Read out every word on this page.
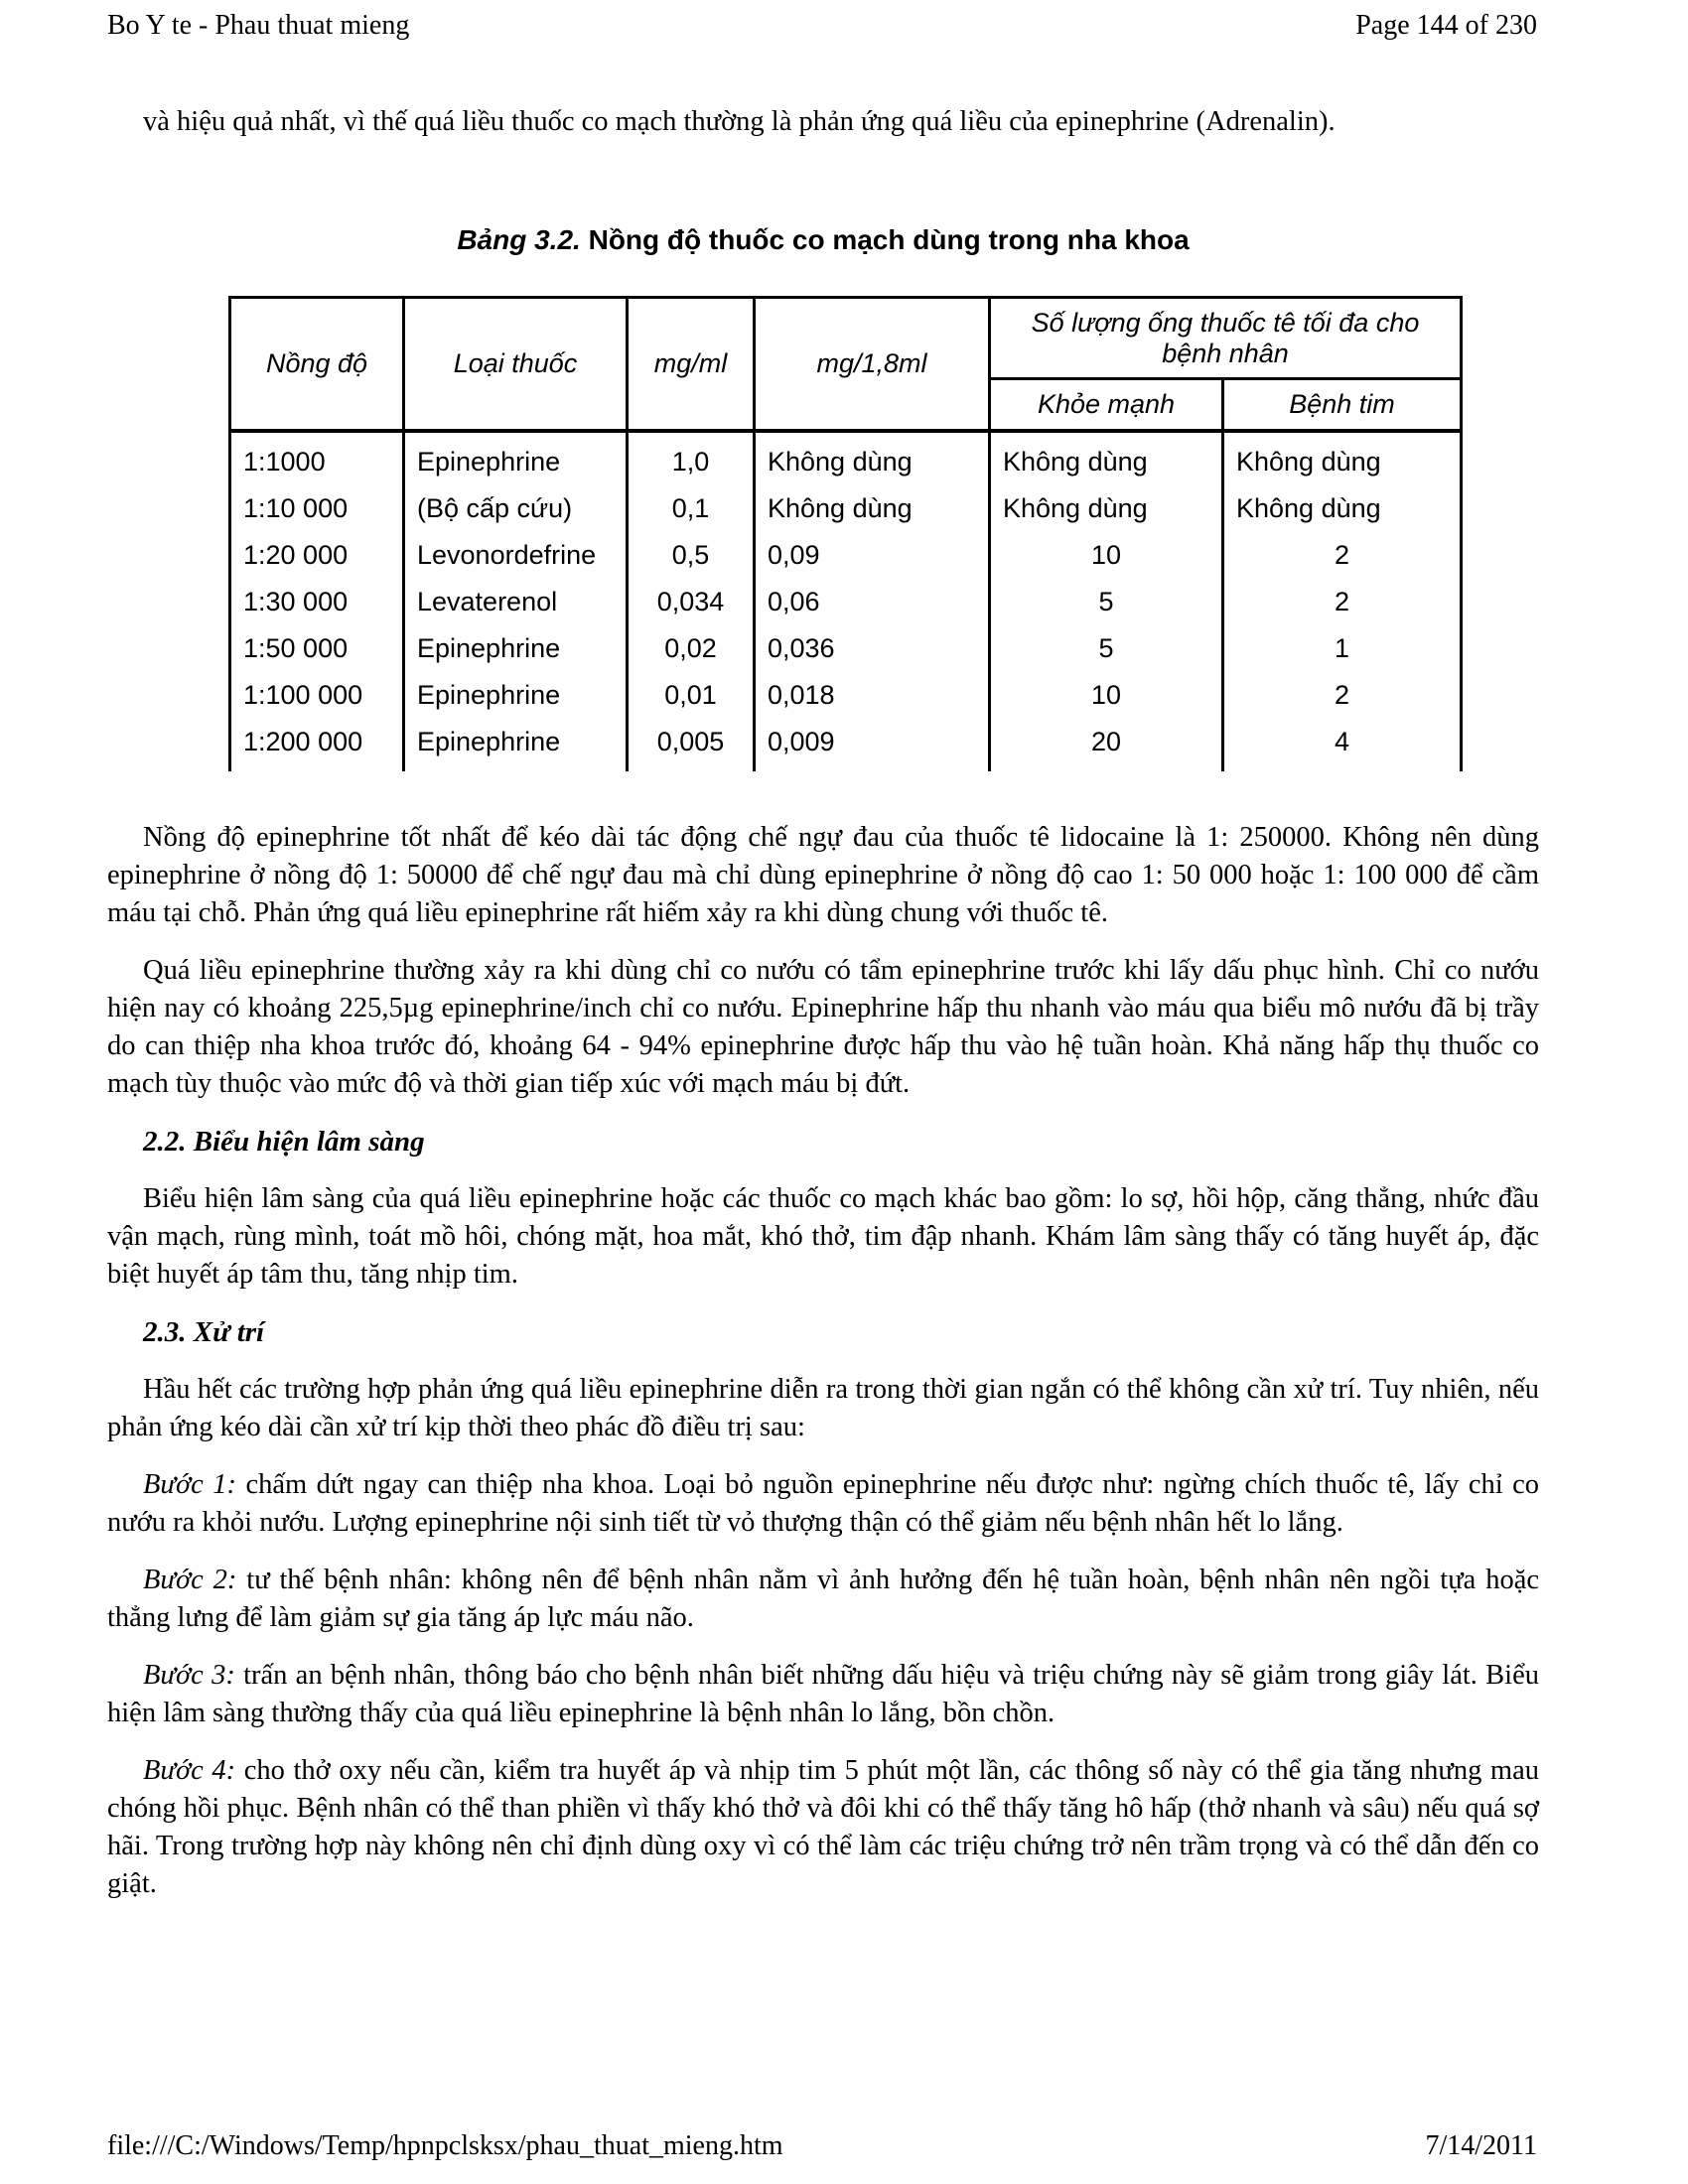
Bo Y te - Phau thuat mieng	Page 144 of 230

và hiệu quả nhất, vì thế quá liều thuốc co mạch thường là phản ứng quá liều của epinephrine (Adrenalin).

Bảng 3.2. Nồng độ thuốc co mạch dùng trong nha khoa

Nồng độ	Loại thuốc	mg/ml	mg/1,8ml	Số lượng ống thuốc tê tối đa cho bệnh nhân	
				Khỏe mạnh	Bệnh tim
1:1000	Epinephrine	1,0	Không dùng	Không dùng	Không dùng
1:10 000	(Bộ cấp cứu)	0,1	Không dùng	Không dùng	Không dùng
1:20 000	Levonordefrine	0,5	0,09	10	2
1:30 000	Levaterenol	0,034	0,06	5	2
1:50 000	Epinephrine	0,02	0,036	5	1
1:100 000	Epinephrine	0,01	0,018	10	2
1:200 000	Epinephrine	0,005	0,009	20	4

Nồng độ epinephrine tốt nhất để kéo dài tác động chế ngự đau của thuốc tê lidocaine là 1: 250000. Không nên dùng epinephrine ở nồng độ 1: 50000 để chế ngự đau mà chỉ dùng epinephrine ở nồng độ cao 1: 50 000 hoặc 1: 100 000 để cầm máu tại chỗ. Phản ứng quá liều epinephrine rất hiếm xảy ra khi dùng chung với thuốc tê.

Quá liều epinephrine thường xảy ra khi dùng chỉ co nướu có tẩm epinephrine trước khi lấy dấu phục hình. Chỉ co nướu hiện nay có khoảng 225,5µg epinephrine/inch chỉ co nướu. Epinephrine hấp thu nhanh vào máu qua biểu mô nướu đã bị trầy do can thiệp nha khoa trước đó, khoảng 64 - 94% epinephrine được hấp thu vào hệ tuần hoàn. Khả năng hấp thụ thuốc co mạch tùy thuộc vào mức độ và thời gian tiếp xúc với mạch máu bị đứt.

2.2. Biểu hiện lâm sàng

Biểu hiện lâm sàng của quá liều epinephrine hoặc các thuốc co mạch khác bao gồm: lo sợ, hồi hộp, căng thẳng, nhức đầu vận mạch, rùng mình, toát mồ hôi, chóng mặt, hoa mắt, khó thở, tim đập nhanh. Khám lâm sàng thấy có tăng huyết áp, đặc biệt huyết áp tâm thu, tăng nhịp tim.

2.3. Xử trí

Hầu hết các trường hợp phản ứng quá liều epinephrine diễn ra trong thời gian ngắn có thể không cần xử trí. Tuy nhiên, nếu phản ứng kéo dài cần xử trí kịp thời theo phác đồ điều trị sau:

Bước 1: chấm dứt ngay can thiệp nha khoa. Loại bỏ nguồn epinephrine nếu được như: ngừng chích thuốc tê, lấy chỉ co nướu ra khỏi nướu. Lượng epinephrine nội sinh tiết từ vỏ thượng thận có thể giảm nếu bệnh nhân hết lo lắng.

Bước 2: tư thế bệnh nhân: không nên để bệnh nhân nằm vì ảnh hưởng đến hệ tuần hoàn, bệnh nhân nên ngồi tựa hoặc thẳng lưng để làm giảm sự gia tăng áp lực máu não.

Bước 3: trấn an bệnh nhân, thông báo cho bệnh nhân biết những dấu hiệu và triệu chứng này sẽ giảm trong giây lát. Biểu hiện lâm sàng thường thấy của quá liều epinephrine là bệnh nhân lo lắng, bồn chồn.

Bước 4: cho thở oxy nếu cần, kiểm tra huyết áp và nhịp tim 5 phút một lần, các thông số này có thể gia tăng nhưng mau chóng hồi phục. Bệnh nhân có thể than phiền vì thấy khó thở và đôi khi có thể thấy tăng hô hấp (thở nhanh và sâu) nếu quá sợ hãi. Trong trường hợp này không nên chỉ định dùng oxy vì có thể làm các triệu chứng trở nên trầm trọng và có thể dẫn đến co giật.

file:///C:/Windows/Temp/hpnpclsksx/phau_thuat_mieng.htm	7/14/2011
